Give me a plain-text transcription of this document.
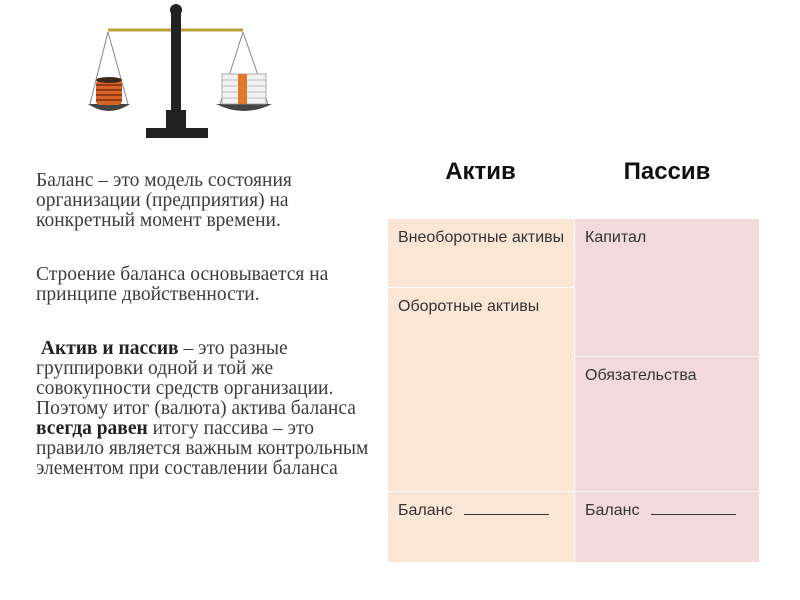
Баланс – это модель состояния организации (предприятия) на конкретный момент времени.
Строение баланса основывается на принципе двойственности.
Актив и пассив – это разные группировки одной и той же совокупности средств организации. Поэтому итог (валюта) актива баланса всегда равен итогу пассива – это правило является важным контрольным элементом при составлении баланса
Актив	Пассив
Внеоборотные активы
Оборотные активы
Капитал
Обязательства
Баланс	Баланс
